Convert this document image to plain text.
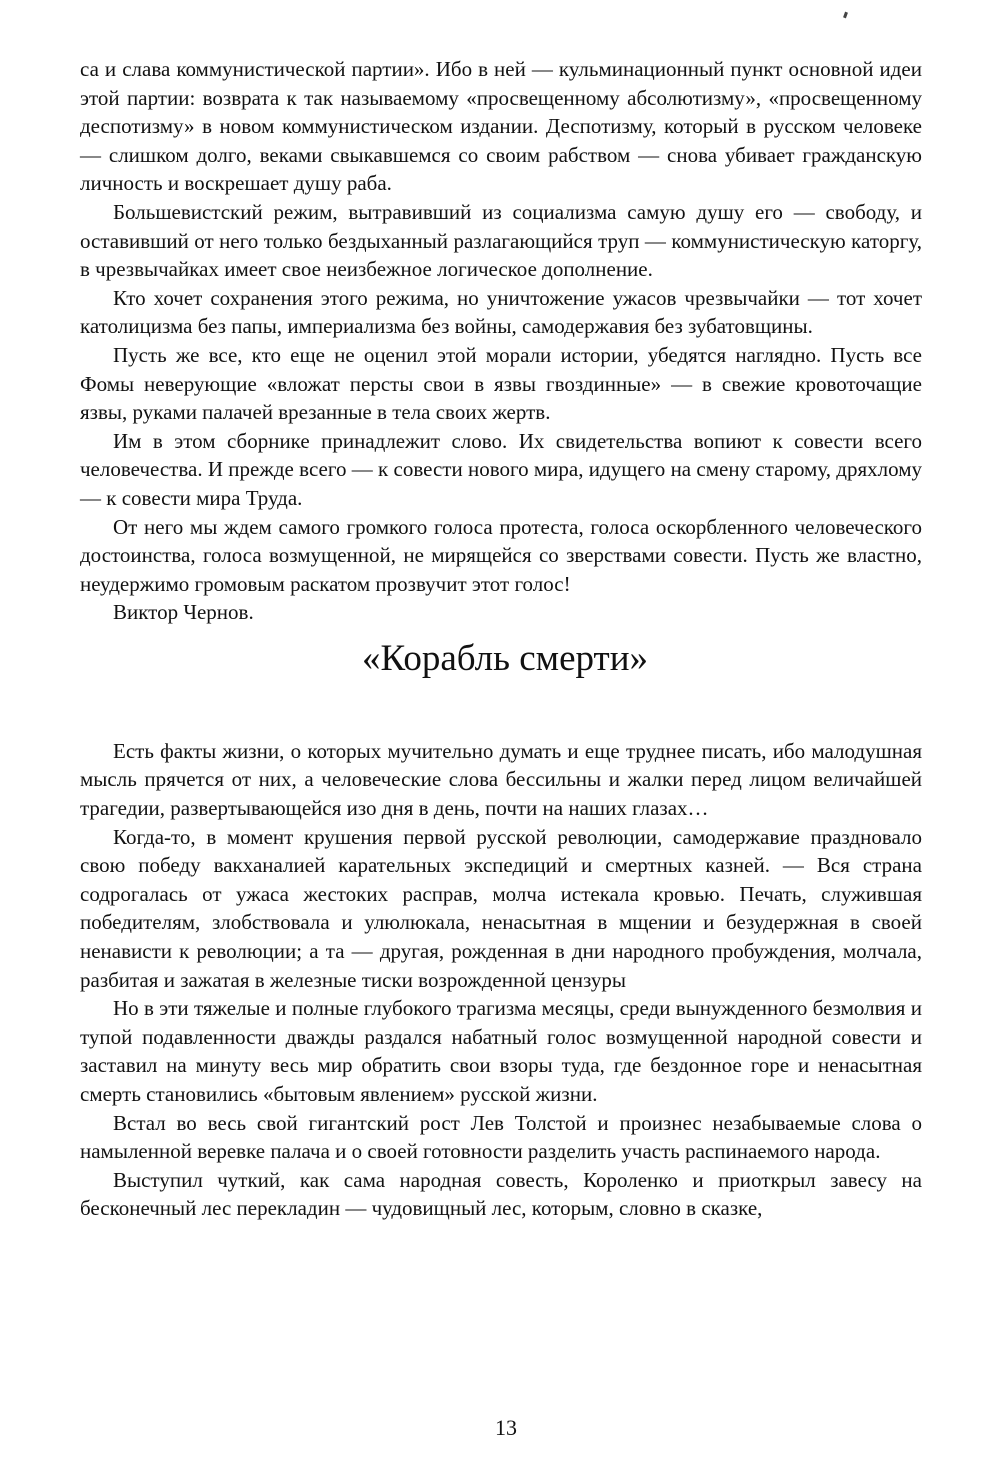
са и слава коммунистической партии». Ибо в ней — кульминационный пункт основной идеи этой партии: возврата к так называемому «просвещенному абсолютизму», «просвещенному деспотизму» в новом коммунистическом издании. Деспотизму, который в русском человеке — слишком долго, веками свыкавшемся со своим рабством — снова убивает гражданскую личность и воскрешает душу раба.

Большевистский режим, вытравивший из социализма самую душу его — свободу, и оставивший от него только бездыханный разлагающийся труп — коммунистическую каторгу, в чрезвычайках имеет свое неизбежное логическое дополнение.

Кто хочет сохранения этого режима, но уничтожение ужасов чрезвычайки — тот хочет католицизма без папы, империализма без войны, самодержавия без зубатовщины.

Пусть же все, кто еще не оценил этой морали истории, убедятся наглядно. Пусть все Фомы неверующие «вложат персты свои в язвы гвоздинные» — в свежие кровоточащие язвы, руками палачей врезанные в тела своих жертв.

Им в этом сборнике принадлежит слово. Их свидетельства вопиют к совести всего человечества. И прежде всего — к совести нового мира, идущего на смену старому, дряхлому — к совести мира Труда.

От него мы ждем самого громкого голоса протеста, голоса оскорбленного человеческого достоинства, голоса возмущенной, не мирящейся со зверствами совести. Пусть же властно, неудержимо громовым раскатом прозвучит этот голос!

Виктор Чернов.

«Корабль смерти»

Есть факты жизни, о которых мучительно думать и еще труднее писать, ибо малодушная мысль прячется от них, а человеческие слова бессильны и жалки перед лицом величайшей трагедии, развертывающейся изо дня в день, почти на наших глазах…

Когда-то, в момент крушения первой русской революции, самодержавие праздновало свою победу вакханалией карательных экспедиций и смертных казней. — Вся страна содрогалась от ужаса жестоких расправ, молча истекала кровью. Печать, служившая победителям, злобствовала и улюлюкала, ненасытная в мщении и безудержная в своей ненависти к революции; а та — другая, рожденная в дни народного пробуждения, молчала, разбитая и зажатая в железные тиски возрожденной цензуры

Но в эти тяжелые и полные глубокого трагизма месяцы, среди вынужденного безмолвия и тупой подавленности дважды раздался набатный голос возмущенной народной совести и заставил на минуту весь мир обратить свои взоры туда, где бездонное горе и ненасытная смерть становились «бытовым явлением» русской жизни.

Встал во весь свой гигантский рост Лев Толстой и произнес незабываемые слова о намыленной веревке палача и о своей готовности разделить участь распинаемого народа.

Выступил чуткий, как сама народная совесть, Короленко и приоткрыл завесу на бесконечный лес перекладин — чудовищный лес, которым, словно в сказке,

13
